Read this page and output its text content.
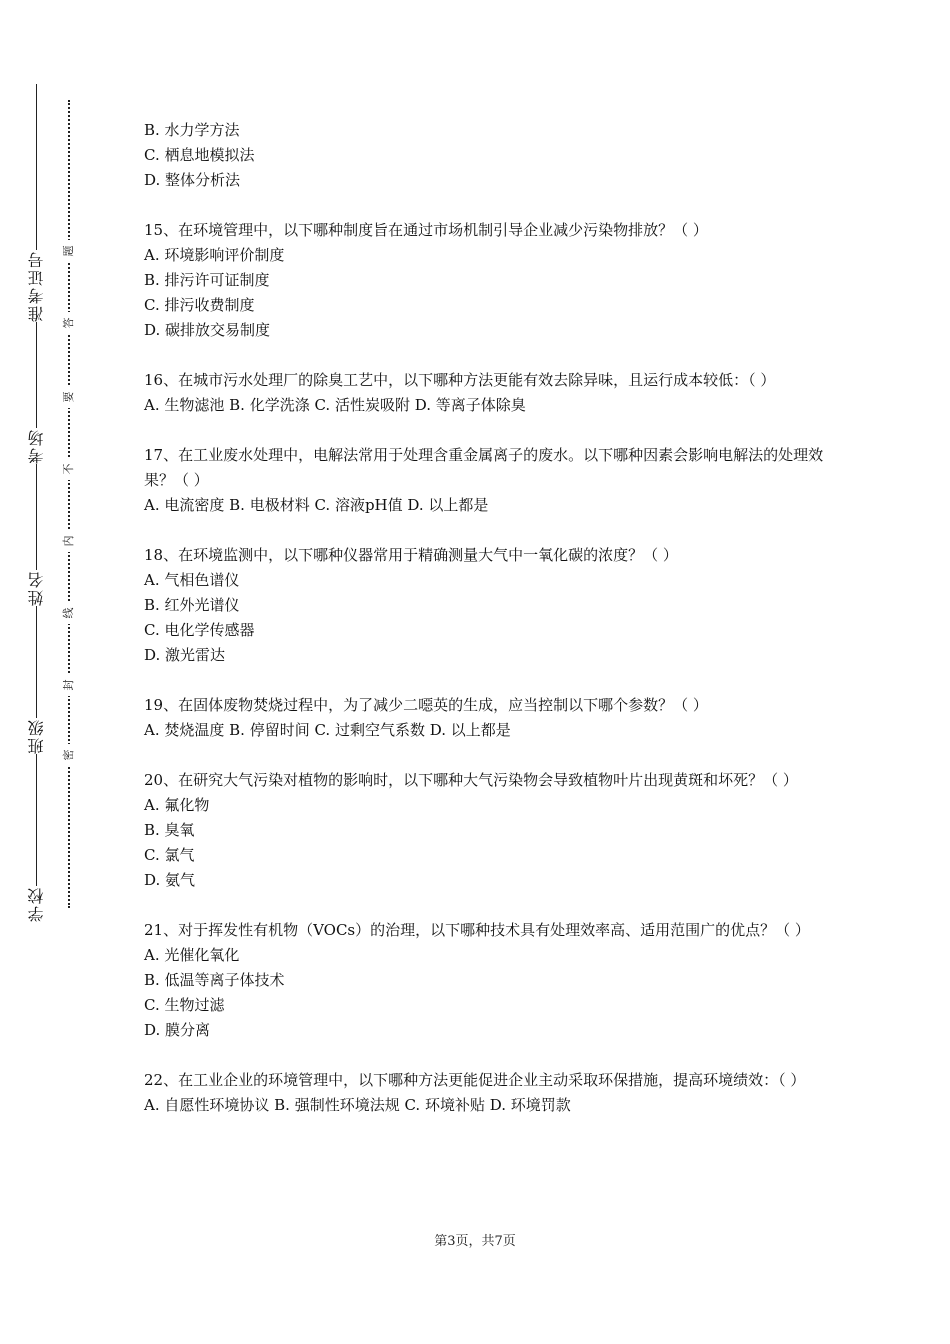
准考证号
考场
姓名
班级
学校
题
答
要
不
内
线
封
密
B. 水力学方法
C. 栖息地模拟法
D. 整体分析法
15、在环境管理中，以下哪种制度旨在通过市场机制引导企业减少污染物排放？（ ）
A. 环境影响评价制度
B. 排污许可证制度
C. 排污收费制度
D. 碳排放交易制度
16、在城市污水处理厂的除臭工艺中，以下哪种方法更能有效去除异味，且运行成本较低：（ ）
A. 生物滤池 B. 化学洗涤 C. 活性炭吸附 D. 等离子体除臭
17、在工业废水处理中，电解法常用于处理含重金属离子的废水。以下哪种因素会影响电解法的处理效果？（ ）
A. 电流密度 B. 电极材料 C. 溶液pH值 D. 以上都是
18、在环境监测中，以下哪种仪器常用于精确测量大气中一氧化碳的浓度？（ ）
A. 气相色谱仪
B. 红外光谱仪
C. 电化学传感器
D. 激光雷达
19、在固体废物焚烧过程中，为了减少二噁英的生成，应当控制以下哪个参数？（ ）
A. 焚烧温度 B. 停留时间 C. 过剩空气系数 D. 以上都是
20、在研究大气污染对植物的影响时，以下哪种大气污染物会导致植物叶片出现黄斑和坏死？（ ）
A. 氟化物
B. 臭氧
C. 氯气
D. 氨气
21、对于挥发性有机物（VOCs）的治理，以下哪种技术具有处理效率高、适用范围广的优点？（ ）
A. 光催化氧化
B. 低温等离子体技术
C. 生物过滤
D. 膜分离
22、在工业企业的环境管理中，以下哪种方法更能促进企业主动采取环保措施，提高环境绩效：（ ）
A. 自愿性环境协议 B. 强制性环境法规 C. 环境补贴 D. 环境罚款
第3页，共7页
